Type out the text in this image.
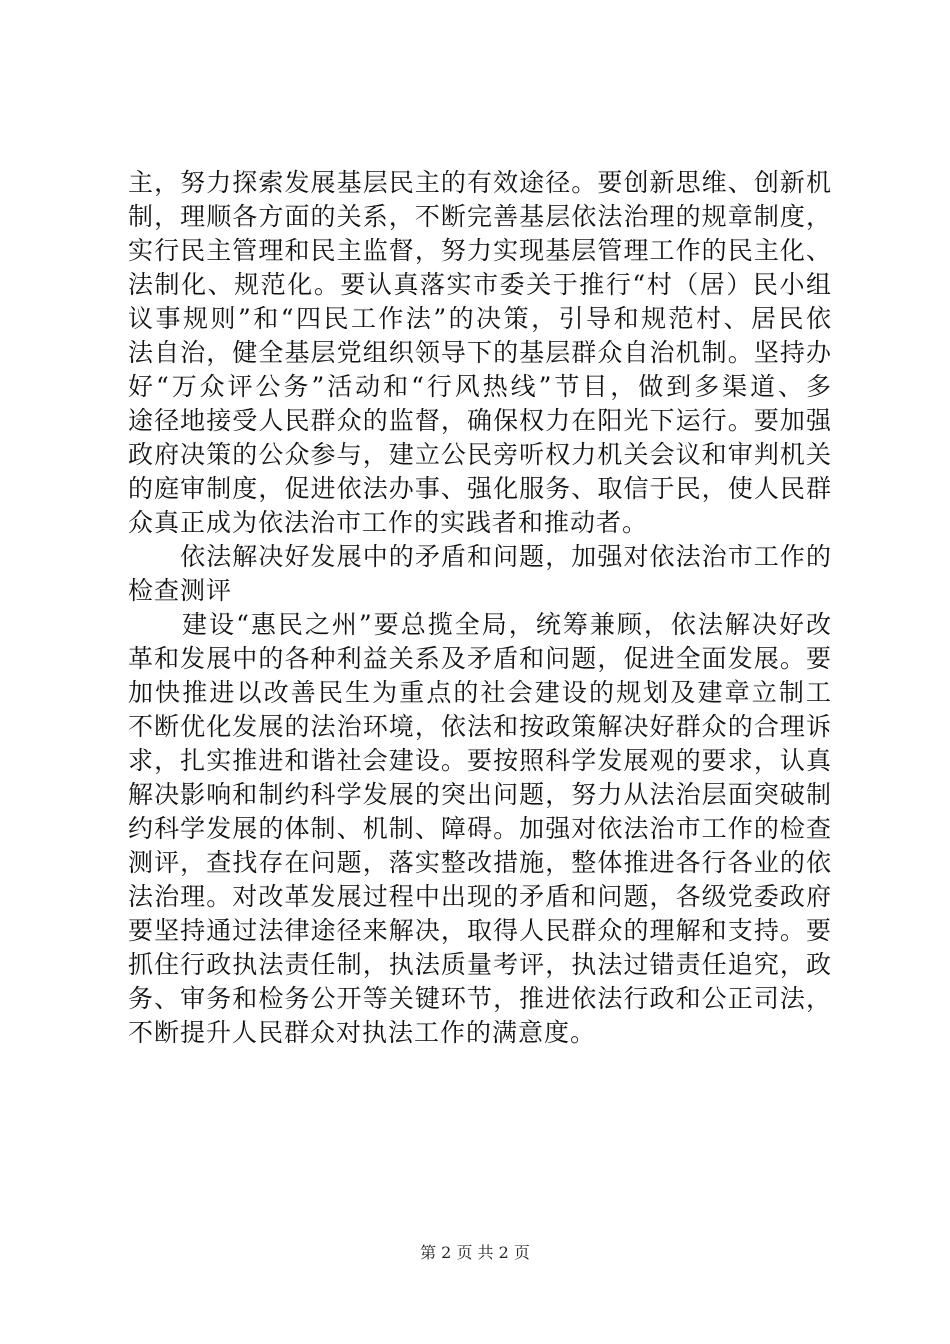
主，努力探索发展基层民主的有效途径。要创新思维、创新机
制，理顺各方面的关系，不断完善基层依法治理的规章制度，
实行民主管理和民主监督，努力实现基层管理工作的民主化、
法制化、规范化。要认真落实市委关于推行“村（居）民小组
议事规则”和“四民工作法”的决策，引导和规范村、居民依
法自治，健全基层党组织领导下的基层群众自治机制。坚持办
好“万众评公务”活动和“行风热线”节目，做到多渠道、多
途径地接受人民群众的监督，确保权力在阳光下运行。要加强
政府决策的公众参与，建立公民旁听权力机关会议和审判机关
的庭审制度，促进依法办事、强化服务、取信于民，使人民群
众真正成为依法治市工作的实践者和推动者。
　　依法解决好发展中的矛盾和问题，加强对依法治市工作的
检查测评
　　建设“惠民之州”要总揽全局，统筹兼顾，依法解决好改
革和发展中的各种利益关系及矛盾和问题，促进全面发展。要
加快推进以改善民生为重点的社会建设的规划及建章立制工
不断优化发展的法治环境，依法和按政策解决好群众的合理诉
求，扎实推进和谐社会建设。要按照科学发展观的要求，认真
解决影响和制约科学发展的突出问题，努力从法治层面突破制
约科学发展的体制、机制、障碍。加强对依法治市工作的检查
测评，查找存在问题，落实整改措施，整体推进各行各业的依
法治理。对改革发展过程中出现的矛盾和问题，各级党委政府
要坚持通过法律途径来解决，取得人民群众的理解和支持。要
抓住行政执法责任制，执法质量考评，执法过错责任追究，政
务、审务和检务公开等关键环节，推进依法行政和公正司法，
不断提升人民群众对执法工作的满意度。
第 2 页 共 2 页
